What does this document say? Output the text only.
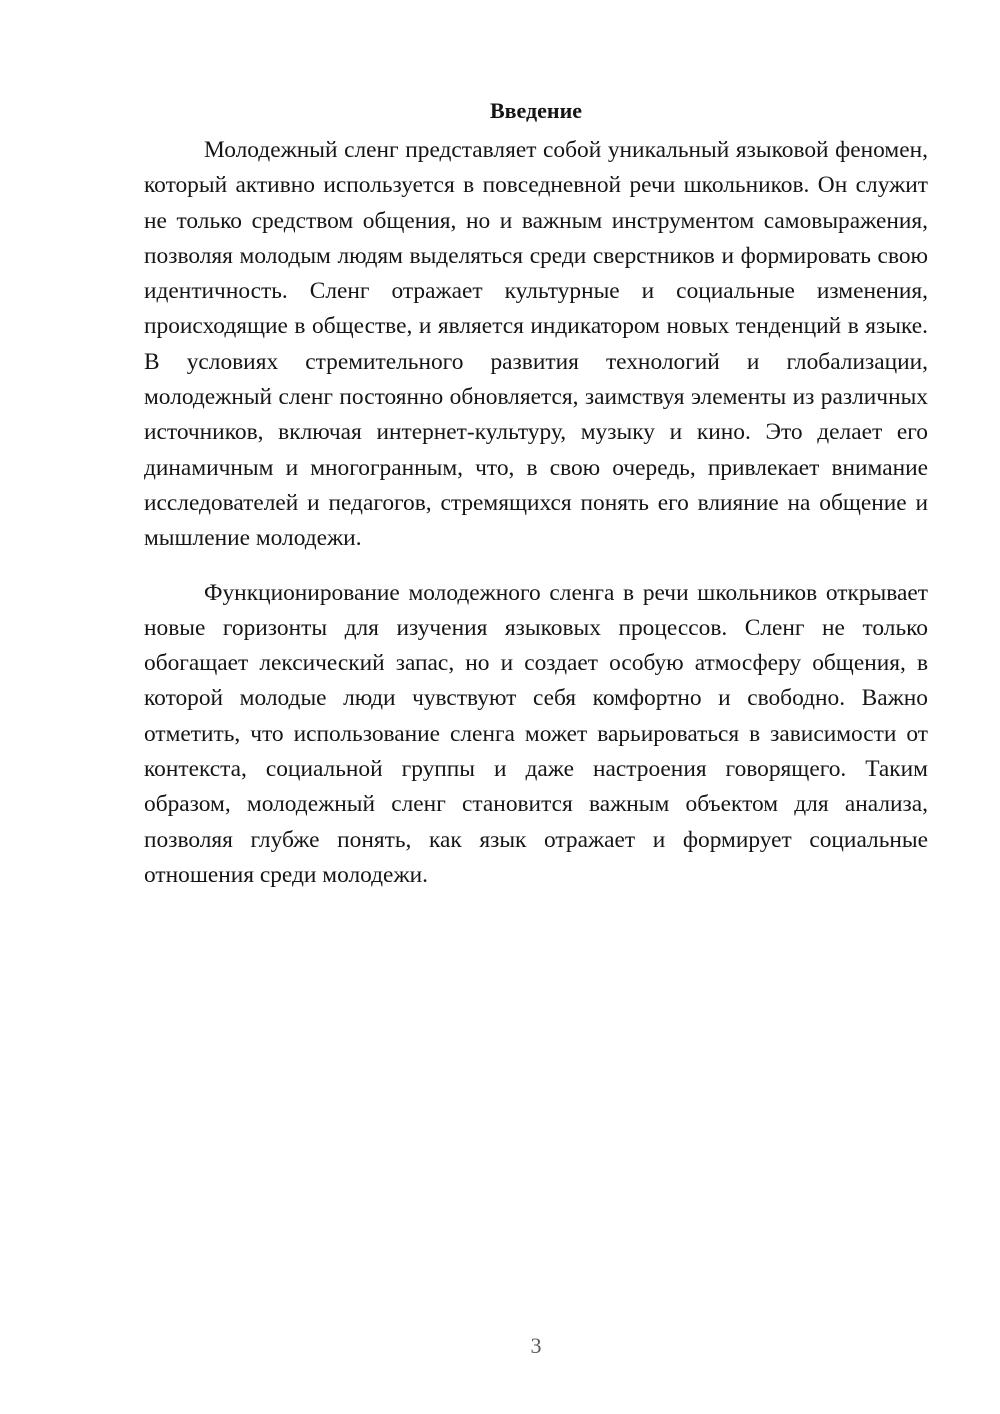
Введение

Молодежный сленг представляет собой уникальный языковой феномен, который активно используется в повседневной речи школьников. Он служит не только средством общения, но и важным инструментом самовыражения, позволяя молодым людям выделяться среди сверстников и формировать свою идентичность. Сленг отражает культурные и социальные изменения, происходящие в обществе, и является индикатором новых тенденций в языке. В условиях стремительного развития технологий и глобализации, молодежный сленг постоянно обновляется, заимствуя элементы из различных источников, включая интернет-культуру, музыку и кино. Это делает его динамичным и многогранным, что, в свою очередь, привлекает внимание исследователей и педагогов, стремящихся понять его влияние на общение и мышление молодежи.

Функционирование молодежного сленга в речи школьников открывает новые горизонты для изучения языковых процессов. Сленг не только обогащает лексический запас, но и создает особую атмосферу общения, в которой молодые люди чувствуют себя комфортно и свободно. Важно отметить, что использование сленга может варьироваться в зависимости от контекста, социальной группы и даже настроения говорящего. Таким образом, молодежный сленг становится важным объектом для анализа, позволяя глубже понять, как язык отражает и формирует социальные отношения среди молодежи.

3
